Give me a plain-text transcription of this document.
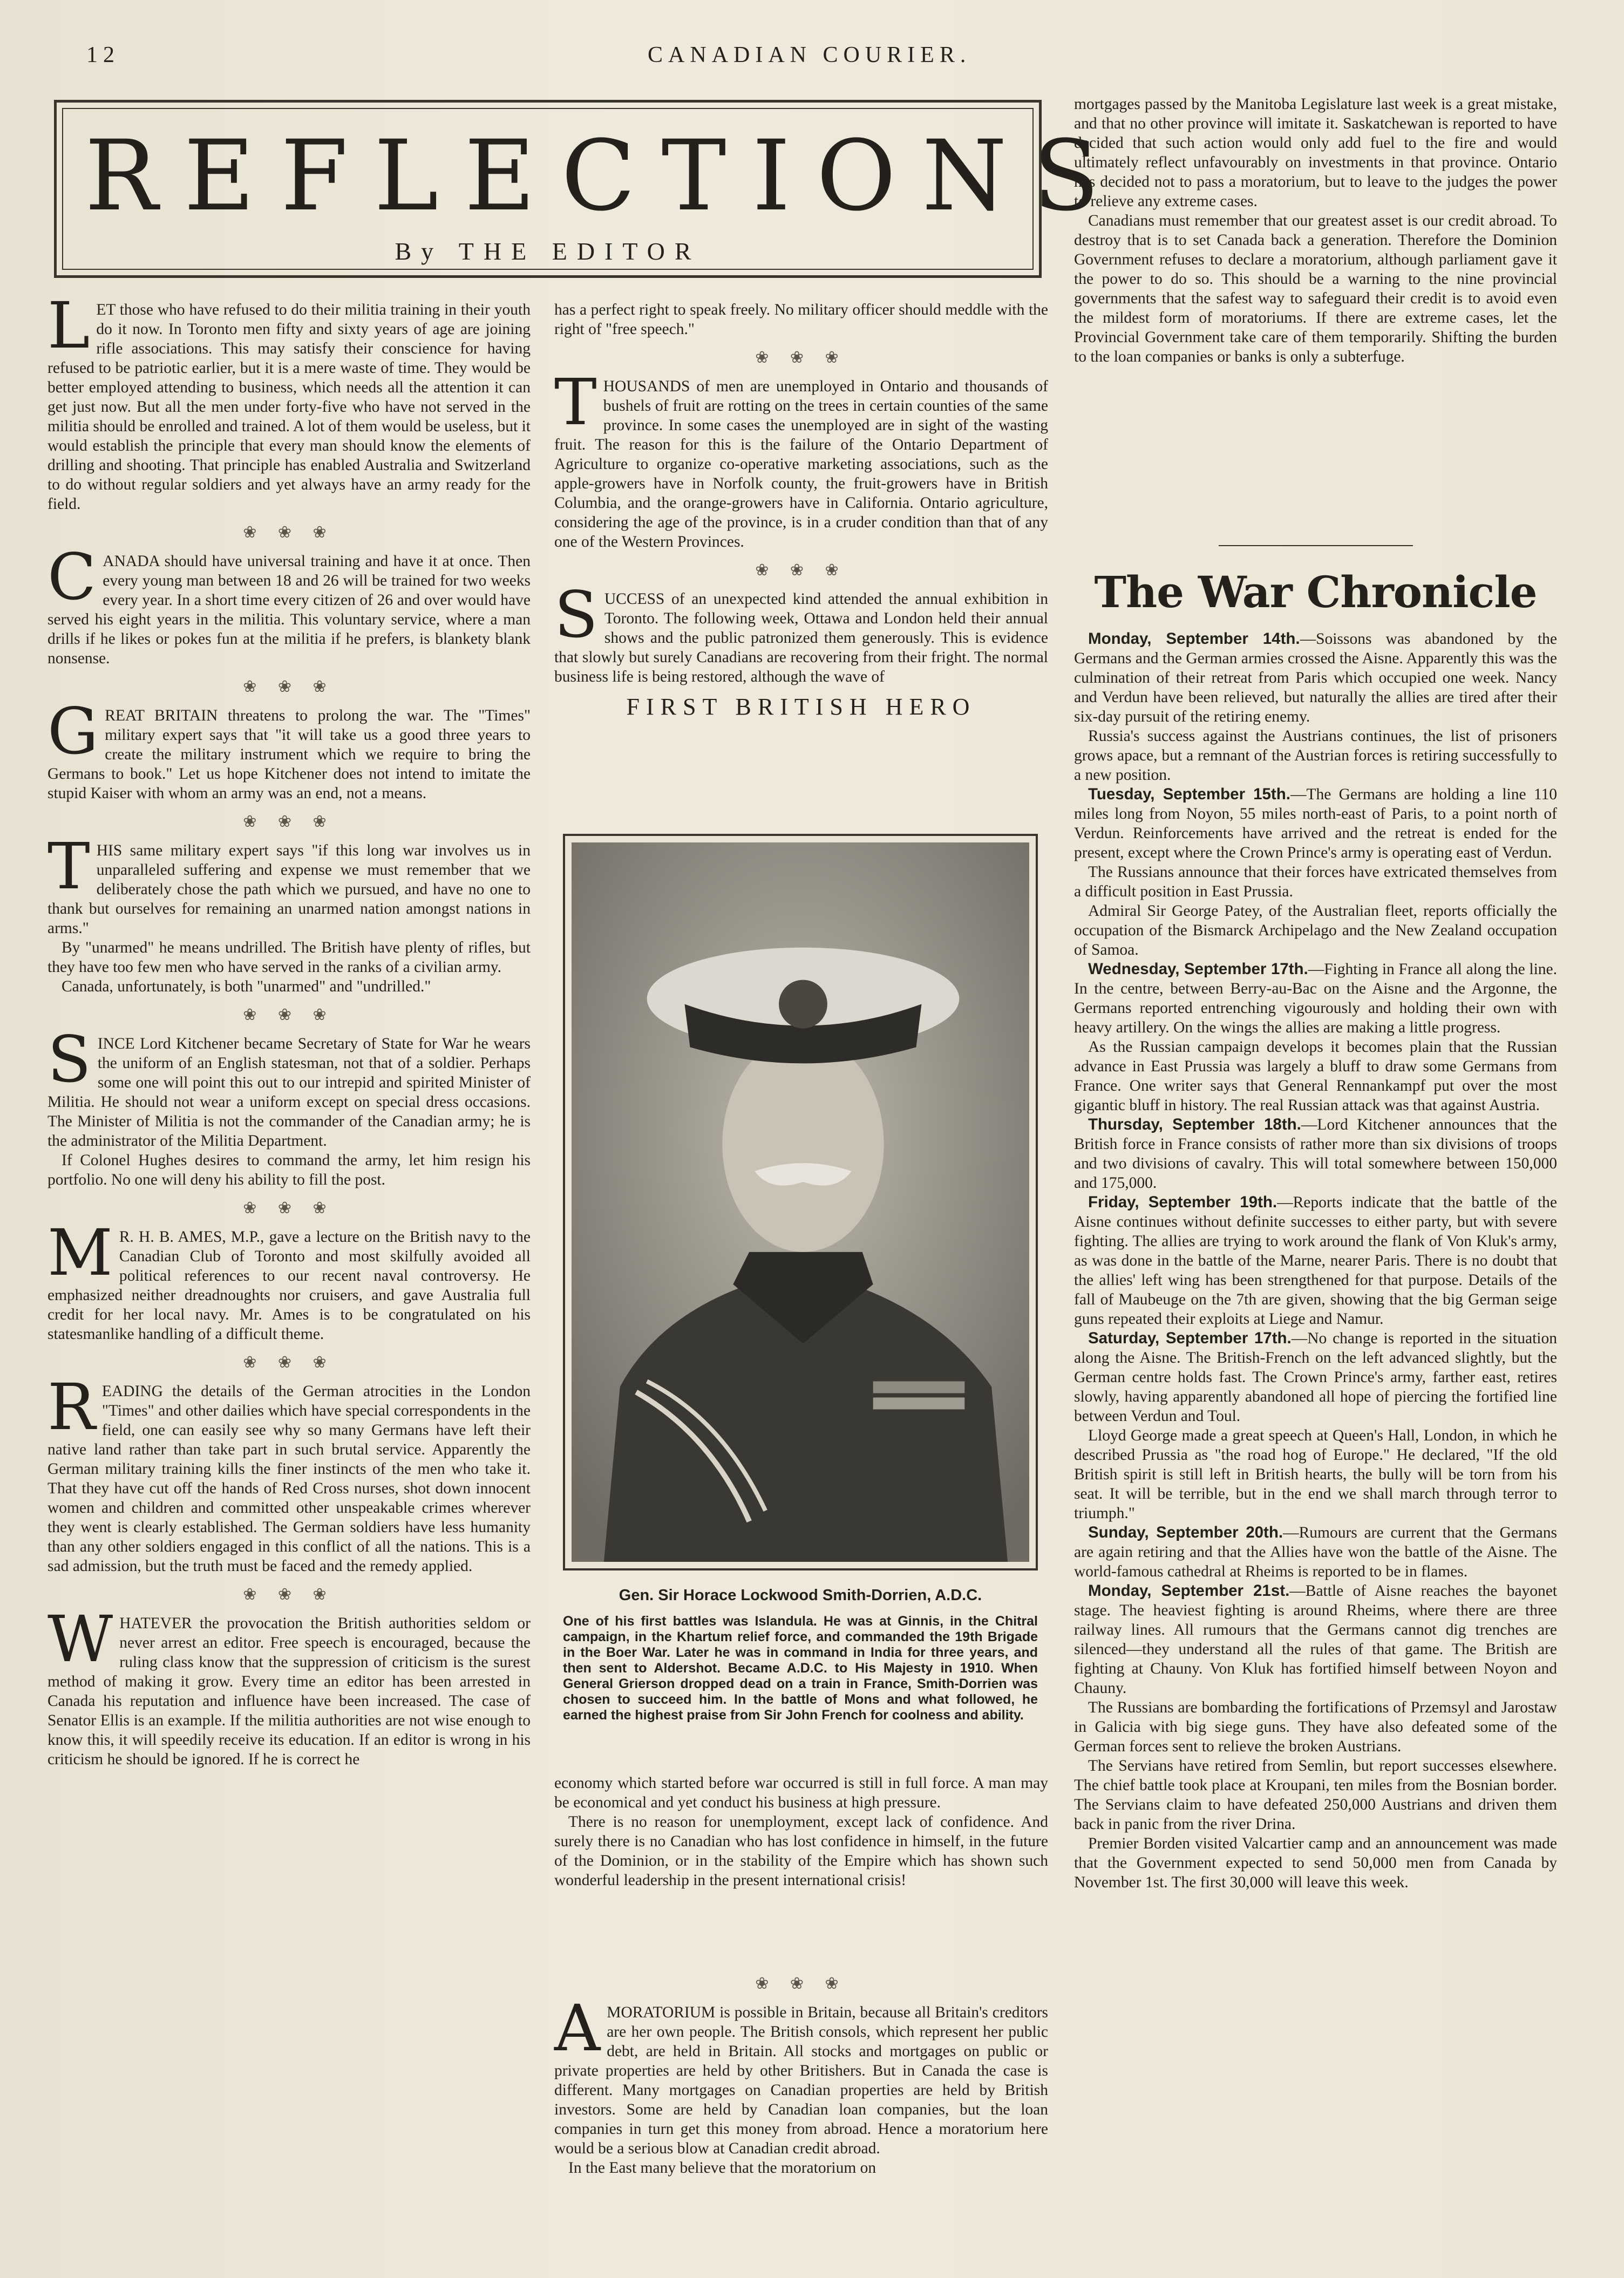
12	CANADIAN COURIER.
REFLECTIONS
By THE EDITOR

LET those who have refused to do their militia training in their youth do it now. In Toronto men fifty and sixty years of age are joining rifle associations. This may satisfy their conscience for having refused to be patriotic earlier, but it is a mere waste of time. They would be better employed attending to business, which needs all the attention it can get just now. But all the men under forty-five who have not served in the militia should be enrolled and trained. A lot of them would be useless, but it would establish the principle that every man should know the elements of drilling and shooting. That principle has enabled Australia and Switzerland to do without regular soldiers and yet always have an army ready for the field.

❀ ❀ ❀

CANADA should have universal training and have it at once. Then every young man between 18 and 26 will be trained for two weeks every year. In a short time every citizen of 26 and over would have served his eight years in the militia. This voluntary service, where a man drills if he likes or pokes fun at the militia if he prefers, is blankety blank nonsense.

❀ ❀ ❀

GREAT BRITAIN threatens to prolong the war. The "Times" military expert says that "it will take us a good three years to create the military instrument which we require to bring the Germans to book." Let us hope Kitchener does not intend to imitate the stupid Kaiser with whom an army was an end, not a means.

❀ ❀ ❀

THIS same military expert says "if this long war involves us in unparalleled suffering and expense we must remember that we deliberately chose the path which we pursued, and have no one to thank but ourselves for remaining an unarmed nation amongst nations in arms."

By "unarmed" he means undrilled. The British have plenty of rifles, but they have too few men who have served in the ranks of a civilian army.

Canada, unfortunately, is both "unarmed" and "undrilled."

❀ ❀ ❀

SINCE Lord Kitchener became Secretary of State for War he wears the uniform of an English statesman, not that of a soldier. Perhaps some one will point this out to our intrepid and spirited Minister of Militia. He should not wear a uniform except on special dress occasions. The Minister of Militia is not the commander of the Canadian army; he is the administrator of the Militia Department.

If Colonel Hughes desires to command the army, let him resign his portfolio. No one will deny his ability to fill the post.

❀ ❀ ❀

M R. H. B. AMES, M.P., gave a lecture on the British navy to the Canadian Club of Toronto and most skilfully avoided all political references to our recent naval controversy. He emphasized neither dreadnoughts nor cruisers, and gave Australia full credit for her local navy. Mr. Ames is to be congratulated on his statesmanlike handling of a difficult theme.

❀ ❀ ❀

READING the details of the German atrocities in the London "Times" and other dailies which have special correspondents in the field, one can easily see why so many Germans have left their native land rather than take part in such brutal service. Apparently the German military training kills the finer instincts of the men who take it. That they have cut off the hands of Red Cross nurses, shot down innocent women and children and committed other unspeakable crimes wherever they went is clearly established. The German soldiers have less humanity than any other soldiers engaged in this conflict of all the nations. This is a sad admission, but the truth must be faced and the remedy applied.

❀ ❀ ❀

WHATEVER the provocation the British authorities seldom or never arrest an editor. Free speech is encouraged, because the ruling class know that the suppression of criticism is the surest method of making it grow. Every time an editor has been arrested in Canada his reputation and influence have been increased. The case of Senator Ellis is an example. If the militia authorities are not wise enough to know this, it will speedily receive its education. If an editor is wrong in his criticism he should be ignored. If he is correct he

has a perfect right to speak freely. No military officer should meddle with the right of "free speech."

❀ ❀ ❀

THOUSANDS of men are unemployed in Ontario and thousands of bushels of fruit are rotting on the trees in certain counties of the same province. In some cases the unemployed are in sight of the wasting fruit. The reason for this is the failure of the Ontario Department of Agriculture to organize co-operative marketing associations, such as the apple-growers have in Norfolk county, the fruit-growers have in British Columbia, and the orange-growers have in California. Ontario agriculture, considering the age of the province, is in a cruder condition than that of any one of the Western Provinces.

❀ ❀ ❀

SUCCESS of an unexpected kind attended the annual exhibition in Toronto. The following week, Ottawa and London held their annual shows and the public patronized them generously. This is evidence that slowly but surely Canadians are recovering from their fright. The normal business life is being restored, although the wave of

FIRST BRITISH HERO
Gen. Sir Horace Lockwood Smith-Dorrien, A.D.C.
One of his first battles was Islandula. He was at Ginnis, in the Chitral campaign, in the Khartum relief force, and commanded the 19th Brigade in the Boer War. Later he was in command in India for three years, and then sent to Aldershot. Became A.D.C. to His Majesty in 1910. When General Grierson dropped dead on a train in France, Smith-Dorrien was chosen to succeed him. In the battle of Mons and what followed, he earned the highest praise from Sir John French for coolness and ability.

economy which started before war occurred is still in full force. A man may be economical and yet conduct his business at high pressure.

There is no reason for unemployment, except lack of confidence. And surely there is no Canadian who has lost confidence in himself, in the future of the Dominion, or in the stability of the Empire which has shown such wonderful leadership in the present international crisis!

❀ ❀ ❀

A MORATORIUM is possible in Britain, because all Britain's creditors are her own people. The British consols, which represent her public debt, are held in Britain. All stocks and mortgages on public or private properties are held by other Britishers. But in Canada the case is different. Many mortgages on Canadian properties are held by British investors. Some are held by Canadian loan companies, but the loan companies in turn get this money from abroad. Hence a moratorium here would be a serious blow at Canadian credit abroad.

In the East many believe that the moratorium on

mortgages passed by the Manitoba Legislature last week is a great mistake, and that no other province will imitate it. Saskatchewan is reported to have decided that such action would only add fuel to the fire and would ultimately reflect unfavourably on investments in that province. Ontario has decided not to pass a moratorium, but to leave to the judges the power to relieve any extreme cases.

Canadians must remember that our greatest asset is our credit abroad. To destroy that is to set Canada back a generation. Therefore the Dominion Government refuses to declare a moratorium, although parliament gave it the power to do so. This should be a warning to the nine provincial governments that the safest way to safeguard their credit is to avoid even the mildest form of moratoriums. If there are extreme cases, let the Provincial Government take care of them temporarily. Shifting the burden to the loan companies or banks is only a subterfuge.

The War Chronicle

Monday, September 14th.—Soissons was abandoned by the Germans and the German armies crossed the Aisne. Apparently this was the culmination of their retreat from Paris which occupied one week. Nancy and Verdun have been relieved, but naturally the allies are tired after their six-day pursuit of the retiring enemy.

Russia's success against the Austrians continues, the list of prisoners grows apace, but a remnant of the Austrian forces is retiring successfully to a new position.

Tuesday, September 15th.—The Germans are holding a line 110 miles long from Noyon, 55 miles north-east of Paris, to a point north of Verdun. Reinforcements have arrived and the retreat is ended for the present, except where the Crown Prince's army is operating east of Verdun.

The Russians announce that their forces have extricated themselves from a difficult position in East Prussia.

Admiral Sir George Patey, of the Australian fleet, reports officially the occupation of the Bismarck Archipelago and the New Zealand occupation of Samoa.

Wednesday, September 17th.—Fighting in France all along the line. In the centre, between Berry-au-Bac on the Aisne and the Argonne, the Germans reported entrenching vigourously and holding their own with heavy artillery. On the wings the allies are making a little progress.

As the Russian campaign develops it becomes plain that the Russian advance in East Prussia was largely a bluff to draw some Germans from France. One writer says that General Rennankampf put over the most gigantic bluff in history. The real Russian attack was that against Austria.

Thursday, September 18th.—Lord Kitchener announces that the British force in France consists of rather more than six divisions of troops and two divisions of cavalry. This will total somewhere between 150,000 and 175,000.

Friday, September 19th.—Reports indicate that the battle of the Aisne continues without definite successes to either party, but with severe fighting. The allies are trying to work around the flank of Von Kluk's army, as was done in the battle of the Marne, nearer Paris. There is no doubt that the allies' left wing has been strengthened for that purpose. Details of the fall of Maubeuge on the 7th are given, showing that the big German seige guns repeated their exploits at Liege and Namur.

Saturday, September 17th.—No change is reported in the situation along the Aisne. The British-French on the left advanced slightly, but the German centre holds fast. The Crown Prince's army, farther east, retires slowly, having apparently abandoned all hope of piercing the fortified line between Verdun and Toul.

Lloyd George made a great speech at Queen's Hall, London, in which he described Prussia as "the road hog of Europe." He declared, "If the old British spirit is still left in British hearts, the bully will be torn from his seat. It will be terrible, but in the end we shall march through terror to triumph."

Sunday, September 20th.—Rumours are current that the Germans are again retiring and that the Allies have won the battle of the Aisne. The world-famous cathedral at Rheims is reported to be in flames.

Monday, September 21st.—Battle of Aisne reaches the bayonet stage. The heaviest fighting is around Rheims, where there are three railway lines. All rumours that the Germans cannot dig trenches are silenced—they understand all the rules of that game. The British are fighting at Chauny. Von Kluk has fortified himself between Noyon and Chauny.

The Russians are bombarding the fortifications of Przemsyl and Jarostaw in Galicia with big siege guns. They have also defeated some of the German forces sent to relieve the broken Austrians.

The Servians have retired from Semlin, but report successes elsewhere. The chief battle took place at Kroupani, ten miles from the Bosnian border. The Servians claim to have defeated 250,000 Austrians and driven them back in panic from the river Drina.

Premier Borden visited Valcartier camp and an announcement was made that the Government expected to send 50,000 men from Canada by November 1st. The first 30,000 will leave this week.
